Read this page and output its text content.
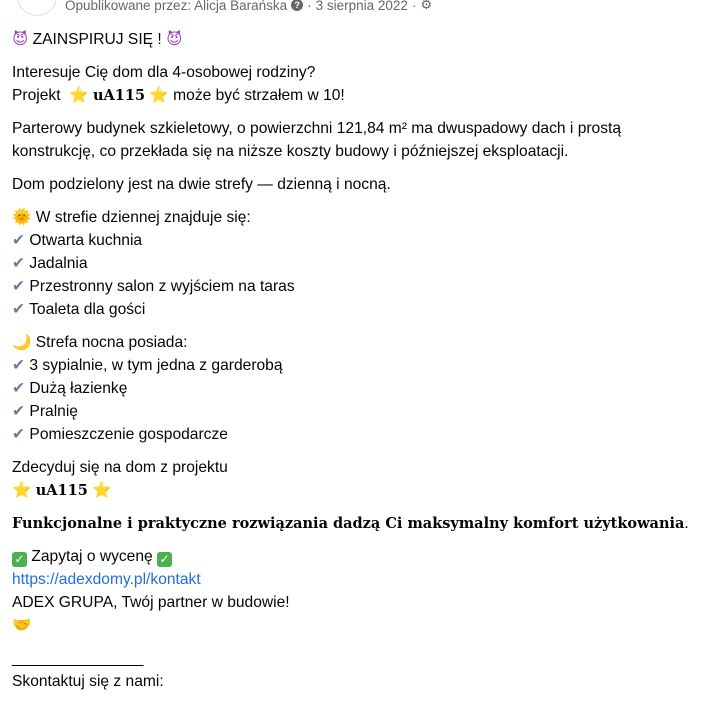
Opublikowane przez: Alicja Barańska ? · 3 sierpnia 2022 · ⚙

😈 ZAINSPIRUJ SIĘ ! 😈

Interesuje Cię dom dla 4-osobowej rodziny?
Projekt ⭐ uA115 ⭐ może być strzałem w 10!

Parterowy budynek szkieletowy, o powierzchni 121,84 m² ma dwuspadowy dach i prostą konstrukcję, co przekłada się na niższe koszty budowy i późniejszej eksploatacji.

Dom podzielony jest na dwie strefy — dzienną i nocną.

🌞 W strefie dziennej znajduje się:
✔ Otwarta kuchnia
✔ Jadalnia
✔ Przestronny salon z wyjściem na taras
✔ Toaleta dla gości

🌙 Strefa nocna posiada:
✔ 3 sypialnie, w tym jedna z garderobą
✔ Dużą łazienkę
✔ Pralnię
✔ Pomieszczenie gospodarcze

Zdecyduj się na dom z projektu
⭐ uA115 ⭐

Funkcjonalne i praktyczne rozwiązania dadzą Ci maksymalny komfort użytkowania.

✓ Zapytaj o wycenę ✓
https://adexdomy.pl/kontakt
ADEX GRUPA, Twój partner w budowie!
🤝

_________________
Skontaktuj się z nami:
